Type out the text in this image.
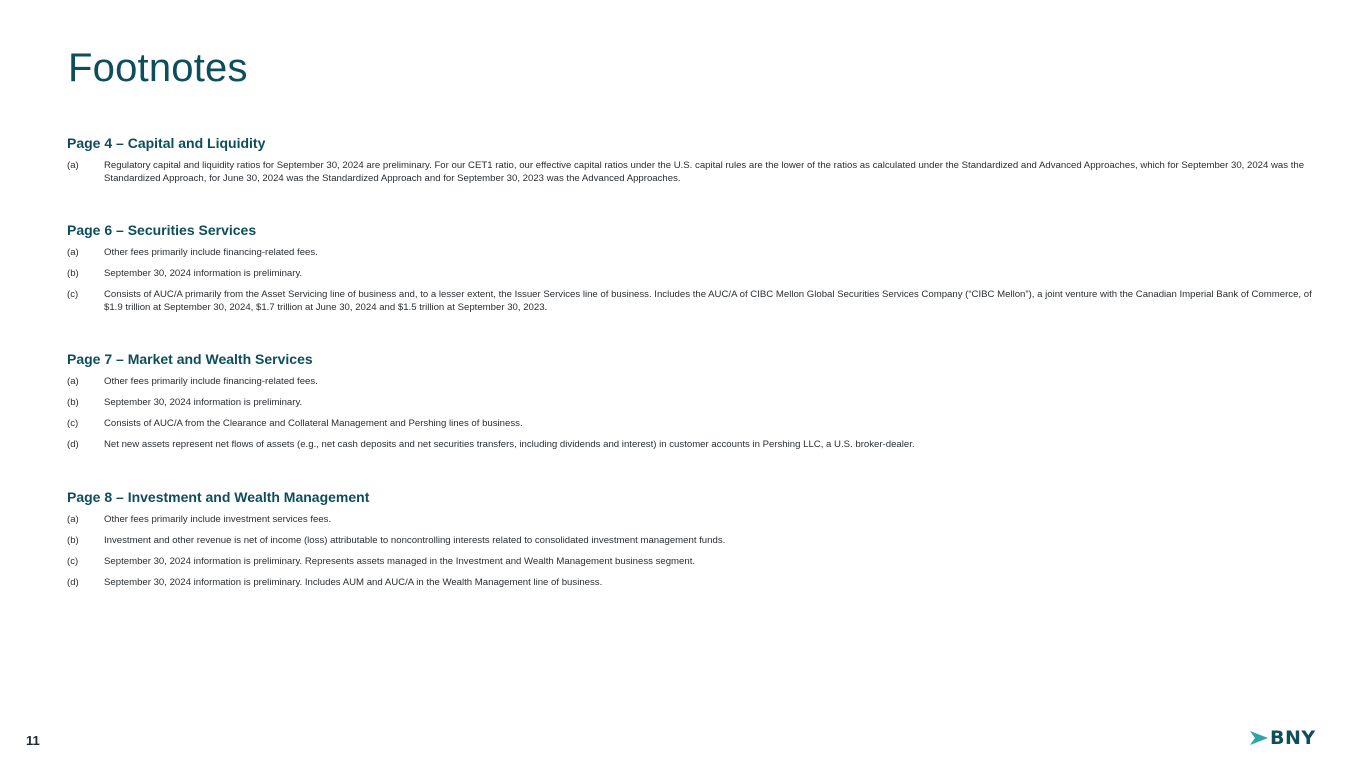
Footnotes
Page 4 – Capital and Liquidity
(a)	Regulatory capital and liquidity ratios for September 30, 2024 are preliminary. For our CET1 ratio, our effective capital ratios under the U.S. capital rules are the lower of the ratios as calculated under the Standardized and Advanced Approaches, which for September 30, 2024 was the Standardized Approach, for June 30, 2024 was the Standardized Approach and for September 30, 2023 was the Advanced Approaches.
Page 6 – Securities Services
(a)	Other fees primarily include financing-related fees.
(b)	September 30, 2024 information is preliminary.
(c)	Consists of AUC/A primarily from the Asset Servicing line of business and, to a lesser extent, the Issuer Services line of business. Includes the AUC/A of CIBC Mellon Global Securities Services Company (“CIBC Mellon”), a joint venture with the Canadian Imperial Bank of Commerce, of $1.9 trillion at September 30, 2024, $1.7 trillion at June 30, 2024 and $1.5 trillion at September 30, 2023.
Page 7 – Market and Wealth Services
(a)	Other fees primarily include financing-related fees.
(b)	September 30, 2024 information is preliminary.
(c)	Consists of AUC/A from the Clearance and Collateral Management and Pershing lines of business.
(d)	Net new assets represent net flows of assets (e.g., net cash deposits and net securities transfers, including dividends and interest) in customer accounts in Pershing LLC, a U.S. broker-dealer.
Page 8 – Investment and Wealth Management
(a)	Other fees primarily include investment services fees.
(b)	Investment and other revenue is net of income (loss) attributable to noncontrolling interests related to consolidated investment management funds.
(c)	September 30, 2024 information is preliminary. Represents assets managed in the Investment and Wealth Management business segment.
(d)	September 30, 2024 information is preliminary. Includes AUM and AUC/A in the Wealth Management line of business.
11	BNY
